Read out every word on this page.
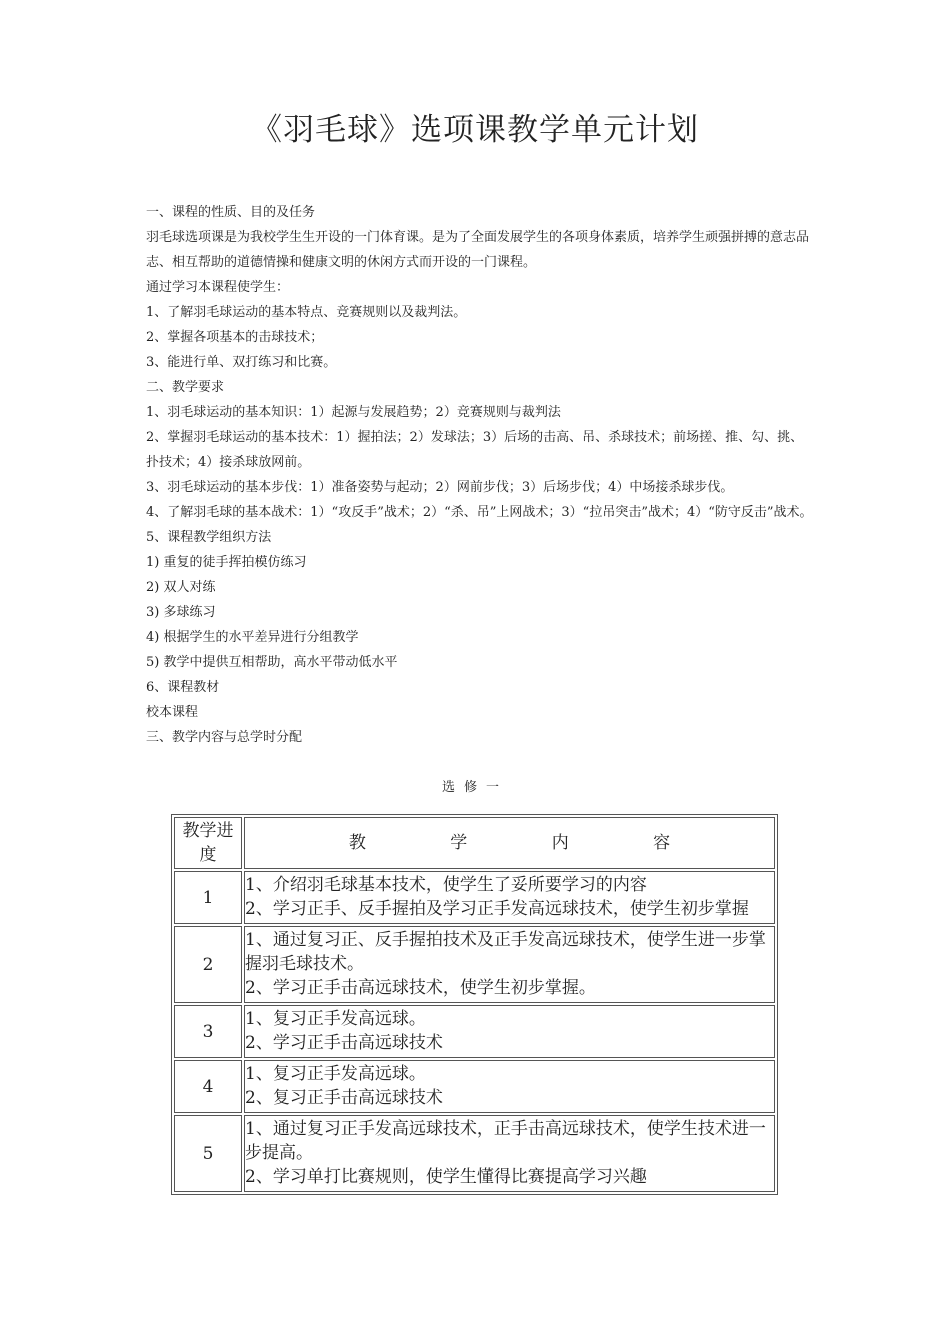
《羽毛球》选项课教学单元计划

一、课程的性质、目的及任务

羽毛球选项课是为我校学生生开设的一门体育课。是为了全面发展学生的各项身体素质，培养学生顽强拼搏的意志品志、相互帮助的道德情操和健康文明的休闲方式而开设的一门课程。

通过学习本课程使学生：

1、了解羽毛球运动的基本特点、竞赛规则以及裁判法。

2、掌握各项基本的击球技术；

3、能进行单、双打练习和比赛。

二、教学要求

1、羽毛球运动的基本知识：1）起源与发展趋势；2）竞赛规则与裁判法

2、掌握羽毛球运动的基本技术：1）握拍法；2）发球法；3）后场的击高、吊、杀球技术；前场搓、推、勾、挑、扑技术；4）接杀球放网前。

3、羽毛球运动的基本步伐：1）准备姿势与起动；2）网前步伐；3）后场步伐；4）中场接杀球步伐。

4、了解羽毛球的基本战术：1）“攻反手”战术；2）“杀、吊”上网战术；3）“拉吊突击”战术；4）“防守反击”战术。

5、课程教学组织方法

1) 重复的徒手挥拍模仿练习

2) 双人对练

3) 多球练习

4) 根据学生的水平差异进行分组教学

5) 教学中提供互相帮助，高水平带动低水平

6、课程教材

校本课程

三、教学内容与总学时分配

选修一
教学进度	教 学 内 容
1	1、介绍羽毛球基本技术，使学生了妥所要学习的内容
2、学习正手、反手握拍及学习正手发高远球技术，使学生初步掌握

2	1、通过复习正、反手握拍技术及正手发高远球技术，使学生进一步掌握羽毛球技术。
2、学习正手击高远球技术，使学生初步掌握。

3	1、复习正手发高远球。
2、学习正手击高远球技术

4	1、复习正手发高远球。
2、复习正手击高远球技术

5	1、通过复习正手发高远球技术，正手击高远球技术，使学生技术进一步提高。
2、学习单打比赛规则，使学生懂得比赛提高学习兴趣
